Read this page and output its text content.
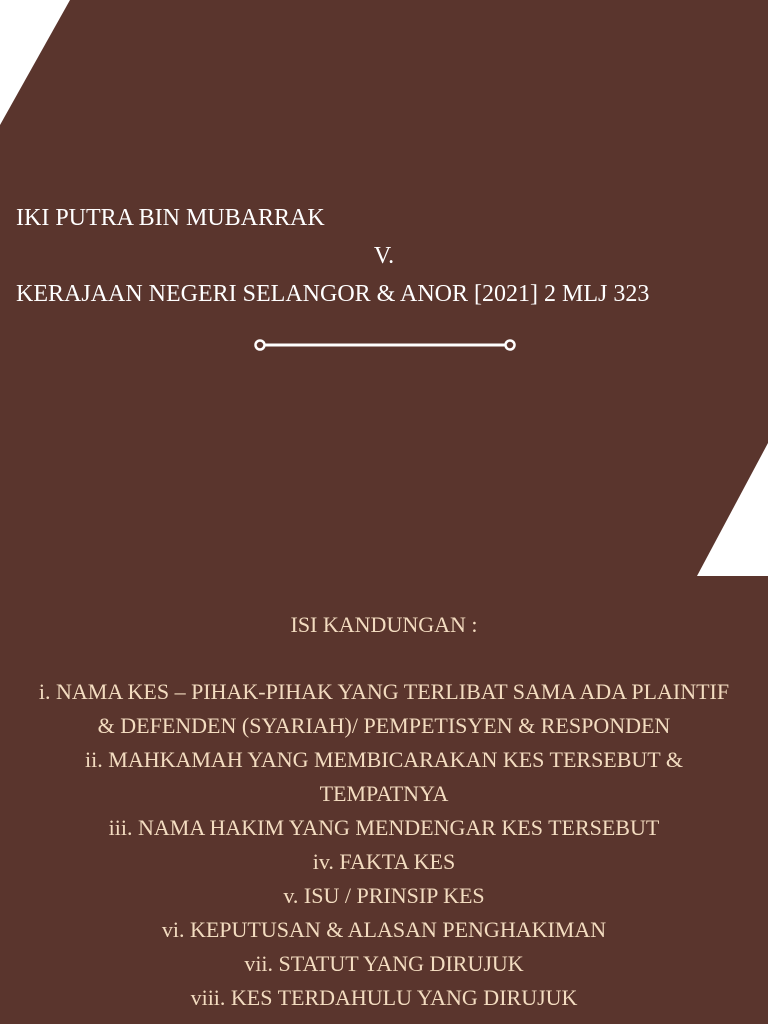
IKI PUTRA BIN MUBARRAK
V.
KERAJAAN NEGERI SELANGOR & ANOR [2021] 2 MLJ 323
ISI KANDUNGAN :
i. NAMA KES – PIHAK-PIHAK YANG TERLIBAT SAMA ADA PLAINTIF & DEFENDEN (SYARIAH)/ PEMPETISYEN & RESPONDEN
ii. MAHKAMAH YANG MEMBICARAKAN KES TERSEBUT & TEMPATNYA
iii. NAMA HAKIM YANG MENDENGAR KES TERSEBUT
iv. FAKTA KES
v. ISU / PRINSIP KES
vi. KEPUTUSAN & ALASAN PENGHAKIMAN
vii. STATUT YANG DIRUJUK
viii. KES TERDAHULU YANG DIRUJUK
